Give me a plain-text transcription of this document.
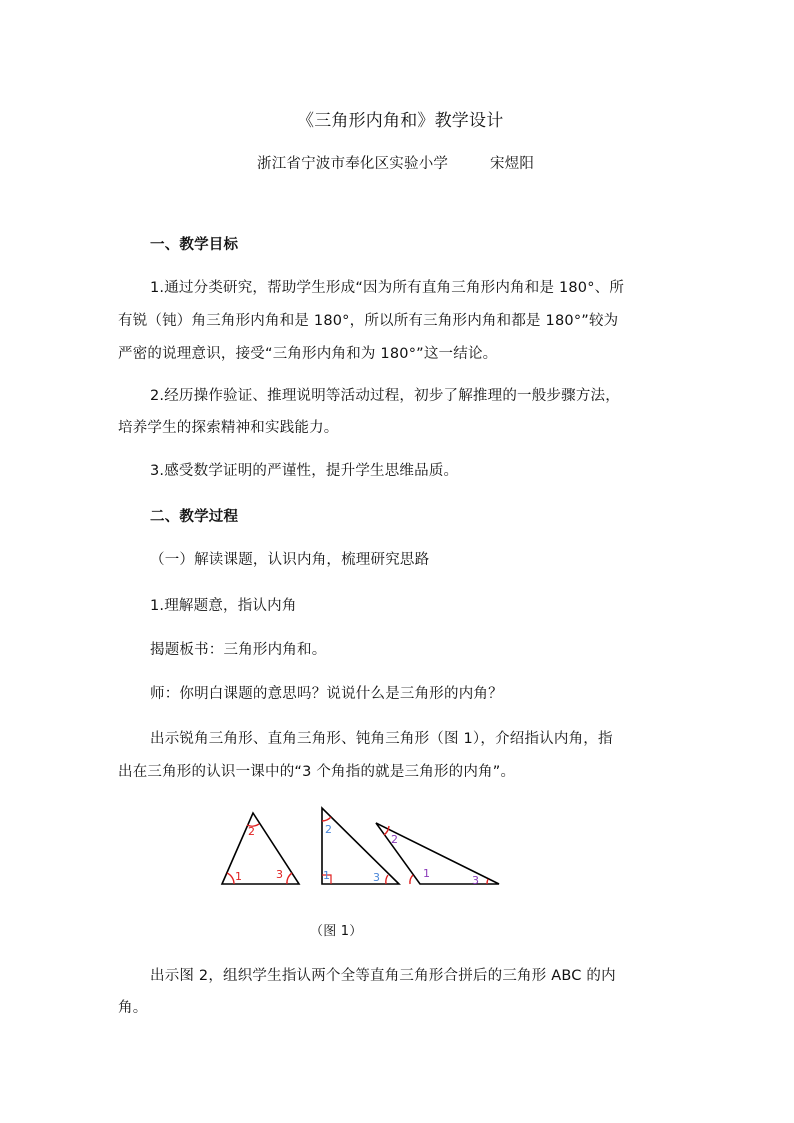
《三角形内角和》教学设计
浙江省宁波市奉化区实验小学	宋煜阳
一、教学目标
1.通过分类研究，帮助学生形成“因为所有直角三角形内角和是 180°、所
有锐（钝）角三角形内角和是 180°，所以所有三角形内角和都是 180°”较为
严密的说理意识，接受“三角形内角和为 180°”这一结论。
2.经历操作验证、推理说明等活动过程，初步了解推理的一般步骤方法，
培养学生的探索精神和实践能力。
3.感受数学证明的严谨性，提升学生思维品质。
二、教学过程
（一）解读课题，认识内角，梳理研究思路
1.理解题意，指认内角
揭题板书：三角形内角和。
师：你明白课题的意思吗？说说什么是三角形的内角？
出示锐角三角形、直角三角形、钝角三角形（图 1），介绍指认内角，指
出在三角形的认识一课中的“3 个角指的就是三角形的内角”。
1
2
3
2
1	3
2
1
3
（图 1）
出示图 2，组织学生指认两个全等直角三角形合拼后的三角形 ABC 的内
角。
